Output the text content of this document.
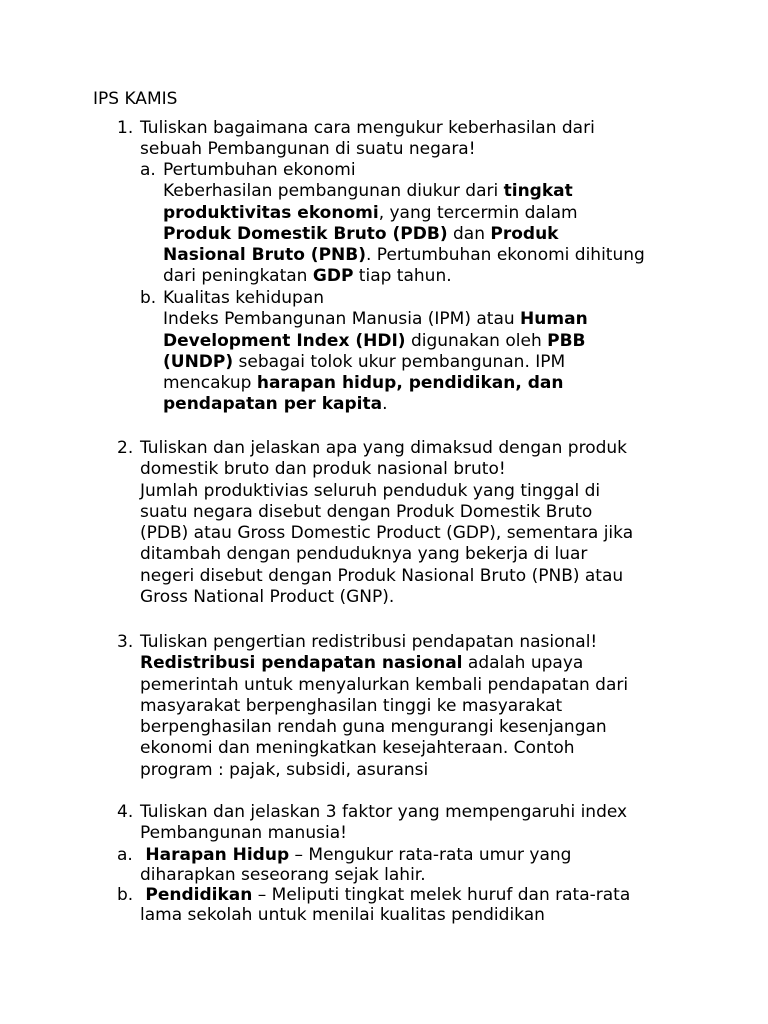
IPS KAMIS
1. Tuliskan bagaimana cara mengukur keberhasilan dari
sebuah Pembangunan di suatu negara!
a. Pertumbuhan ekonomi
Keberhasilan pembangunan diukur dari tingkat
produktivitas ekonomi, yang tercermin dalam
Produk Domestik Bruto (PDB) dan Produk
Nasional Bruto (PNB). Pertumbuhan ekonomi dihitung
dari peningkatan GDP tiap tahun.
b. Kualitas kehidupan
Indeks Pembangunan Manusia (IPM) atau Human
Development Index (HDI) digunakan oleh PBB
(UNDP) sebagai tolok ukur pembangunan. IPM
mencakup harapan hidup, pendidikan, dan
pendapatan per kapita.
2. Tuliskan dan jelaskan apa yang dimaksud dengan produk
domestik bruto dan produk nasional bruto!
Jumlah produktivias seluruh penduduk yang tinggal di
suatu negara disebut dengan Produk Domestik Bruto
(PDB) atau Gross Domestic Product (GDP), sementara jika
ditambah dengan penduduknya yang bekerja di luar
negeri disebut dengan Produk Nasional Bruto (PNB) atau
Gross National Product (GNP).
3. Tuliskan pengertian redistribusi pendapatan nasional!
Redistribusi pendapatan nasional adalah upaya
pemerintah untuk menyalurkan kembali pendapatan dari
masyarakat berpenghasilan tinggi ke masyarakat
berpenghasilan rendah guna mengurangi kesenjangan
ekonomi dan meningkatkan kesejahteraan. Contoh
program : pajak, subsidi, asuransi
4. Tuliskan dan jelaskan 3 faktor yang mempengaruhi index
Pembangunan manusia!
a. Harapan Hidup – Mengukur rata-rata umur yang
diharapkan seseorang sejak lahir.
b. Pendidikan – Meliputi tingkat melek huruf dan rata-rata
lama sekolah untuk menilai kualitas pendidikan
